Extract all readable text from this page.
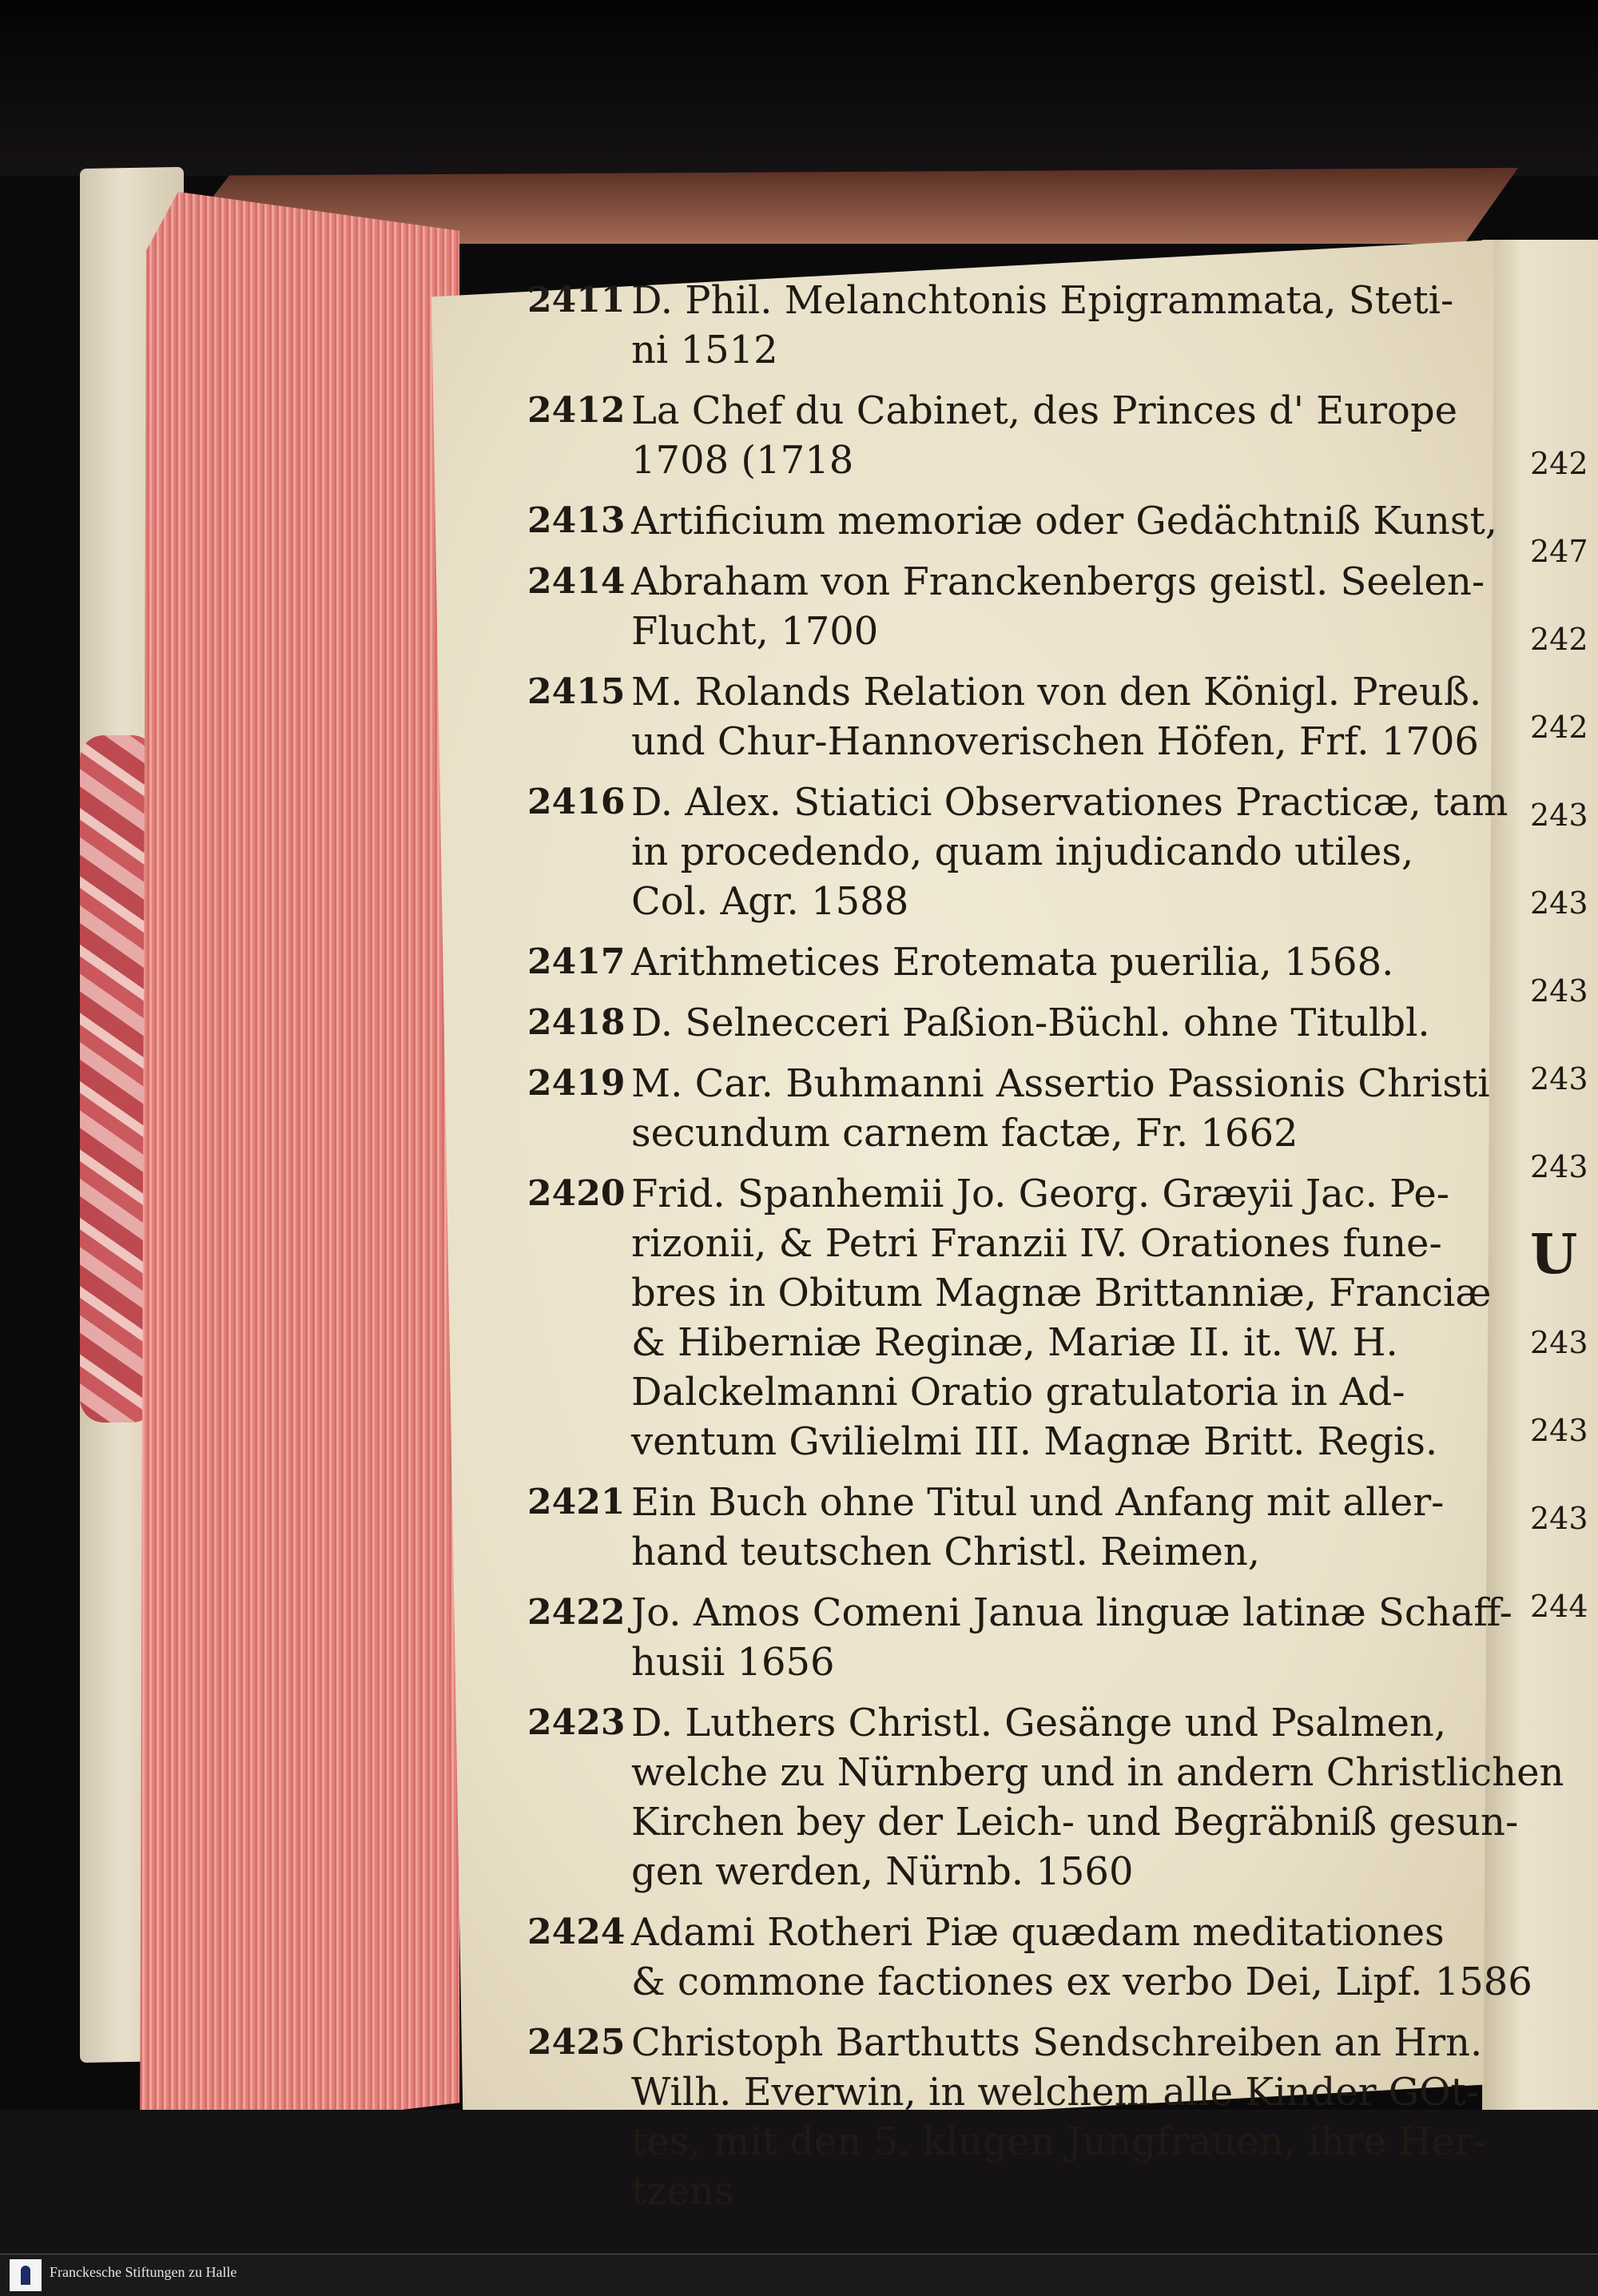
2411 D. Phil. Melanchtonis Epigrammata, Steti-
ni 1512
2412 La Chef du Cabinet, des Princes d' Europe
1708 (1718
2413 Artificium memoriæ oder Gedächtniß Kunst,
2414 Abraham von Franckenbergs geistl. Seelen-
Flucht, 1700
2415 M. Rolands Relation von den Königl. Preuß.
und Chur-Hannoverischen Höfen, Frf. 1706
2416 D. Alex. Stiatici Observationes Practicæ, tam
in procedendo, quam injudicando utiles,
Col. Agr. 1588
2417 Arithmetices Erotemata puerilia, 1568.
2418 D. Selnecceri Paßion-Büchl. ohne Titulbl.
2419 M. Car. Buhmanni Assertio Passionis Christi
secundum carnem factæ, Fr. 1662
2420 Frid. Spanhemii Jo. Georg. Græyii Jac. Pe-
rizonii, & Petri Franzii IV. Orationes fune-
bres in Obitum Magnæ Brittanniæ, Franciæ
& Hiberniæ Reginæ, Mariæ II. it. W. H.
Dalckelmanni Oratio gratulatoria in Ad-
ventum Gvilielmi III. Magnæ Britt. Regis.
2421 Ein Buch ohne Titul und Anfang mit aller-
hand teutschen Christl. Reimen,
2422 Jo. Amos Comeni Janua linguæ latinæ Schaff-
husii 1656
2423 D. Luthers Christl. Gesänge und Psalmen,
welche zu Nürnberg und in andern Christlichen
Kirchen bey der Leich- und Begräbniß gesun-
gen werden, Nürnb. 1560
2424 Adami Rotheri Piæ quædam meditationes
& commone factiones ex verbo Dei, Lipf. 1586
2425 Christoph Barthutts Sendschreiben an Hrn.
Wilh. Everwin, in welchem alle Kinder GOt-
tes, mit den 5. klugen Jungfrauen, ihre Her-
tzens
242
247
242
242
243
243
243
243
243
U
243
243
243
244
Franckesche Stiftungen zu Halle
